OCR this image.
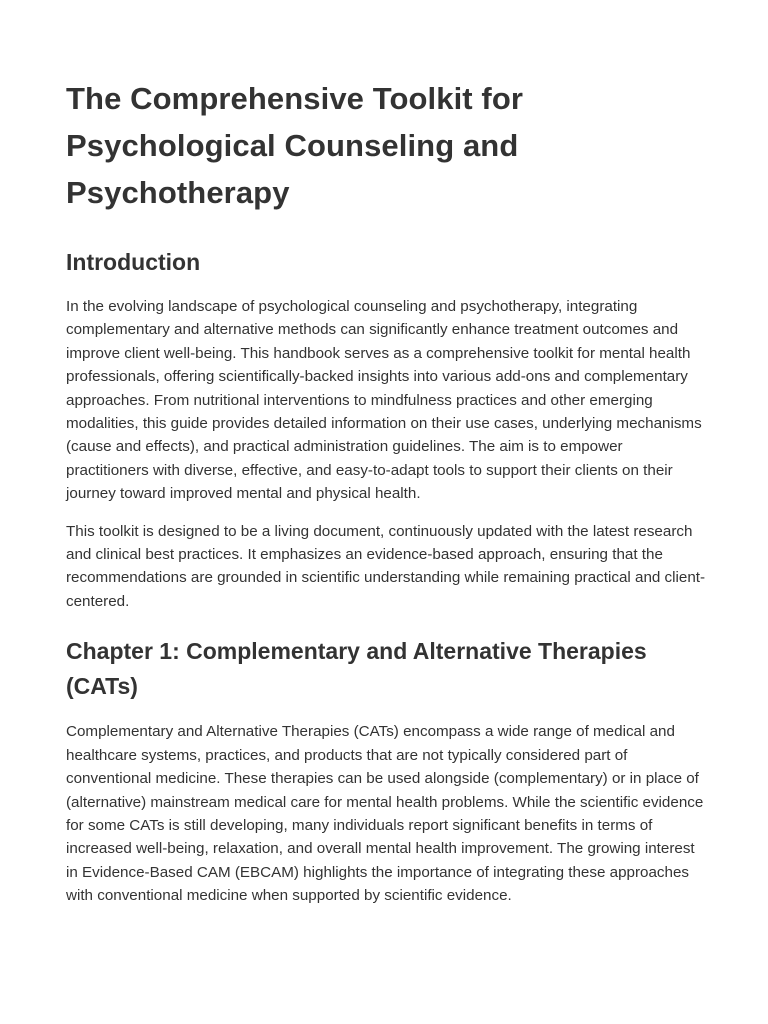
The Comprehensive Toolkit for Psychological Counseling and Psychotherapy
Introduction

In the evolving landscape of psychological counseling and psychotherapy, integrating complementary and alternative methods can significantly enhance treatment outcomes and improve client well-being. This handbook serves as a comprehensive toolkit for mental health professionals, offering scientifically-backed insights into various add-ons and complementary approaches. From nutritional interventions to mindfulness practices and other emerging modalities, this guide provides detailed information on their use cases, underlying mechanisms (cause and effects), and practical administration guidelines. The aim is to empower practitioners with diverse, effective, and easy-to-adapt tools to support their clients on their journey toward improved mental and physical health.

This toolkit is designed to be a living document, continuously updated with the latest research and clinical best practices. It emphasizes an evidence-based approach, ensuring that the recommendations are grounded in scientific understanding while remaining practical and client-centered.

Chapter 1: Complementary and Alternative Therapies (CATs)

Complementary and Alternative Therapies (CATs) encompass a wide range of medical and healthcare systems, practices, and products that are not typically considered part of conventional medicine. These therapies can be used alongside (complementary) or in place of (alternative) mainstream medical care for mental health problems. While the scientific evidence for some CATs is still developing, many individuals report significant benefits in terms of increased well-being, relaxation, and overall mental health improvement. The growing interest in Evidence-Based CAM (EBCAM) highlights the importance of integrating these approaches with conventional medicine when supported by scientific evidence.
